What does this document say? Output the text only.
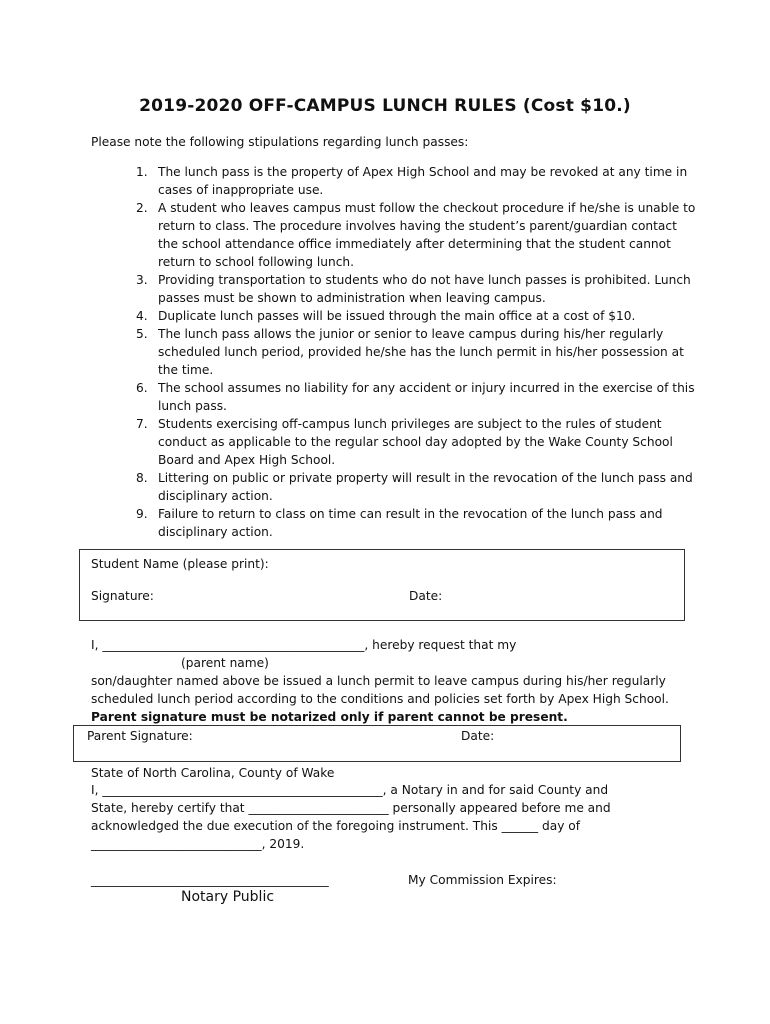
2019-2020 OFF-CAMPUS LUNCH RULES (Cost $10.)
Please note the following stipulations regarding lunch passes:
1. The lunch pass is the property of Apex High School and may be revoked at any time in cases of inappropriate use.
2. A student who leaves campus must follow the checkout procedure if he/she is unable to return to class. The procedure involves having the student’s parent/guardian contact the school attendance office immediately after determining that the student cannot return to school following lunch.
3. Providing transportation to students who do not have lunch passes is prohibited. Lunch passes must be shown to administration when leaving campus.
4. Duplicate lunch passes will be issued through the main office at a cost of $10.
5. The lunch pass allows the junior or senior to leave campus during his/her regularly scheduled lunch period, provided he/she has the lunch permit in his/her possession at the time.
6. The school assumes no liability for any accident or injury incurred in the exercise of this lunch pass.
7. Students exercising off-campus lunch privileges are subject to the rules of student conduct as applicable to the regular school day adopted by the Wake County School Board and Apex High School.
8. Littering on public or private property will result in the revocation of the lunch pass and disciplinary action.
9. Failure to return to class on time can result in the revocation of the lunch pass and disciplinary action.
Student Name (please print):
Signature:	Date:
I, ___________________________________________, hereby request that my
(parent name)
son/daughter named above be issued a lunch permit to leave campus during his/her regularly
scheduled lunch period according to the conditions and policies set forth by Apex High School.
Parent signature must be notarized only if parent cannot be present.
Parent Signature:	Date:
State of North Carolina, County of Wake
I, ______________________________________________, a Notary in and for said County and
State, hereby certify that _______________________ personally appeared before me and
acknowledged the due execution of the foregoing instrument. This ______ day of
____________________________, 2019.
_______________________________________	My Commission Expires:
Notary Public
